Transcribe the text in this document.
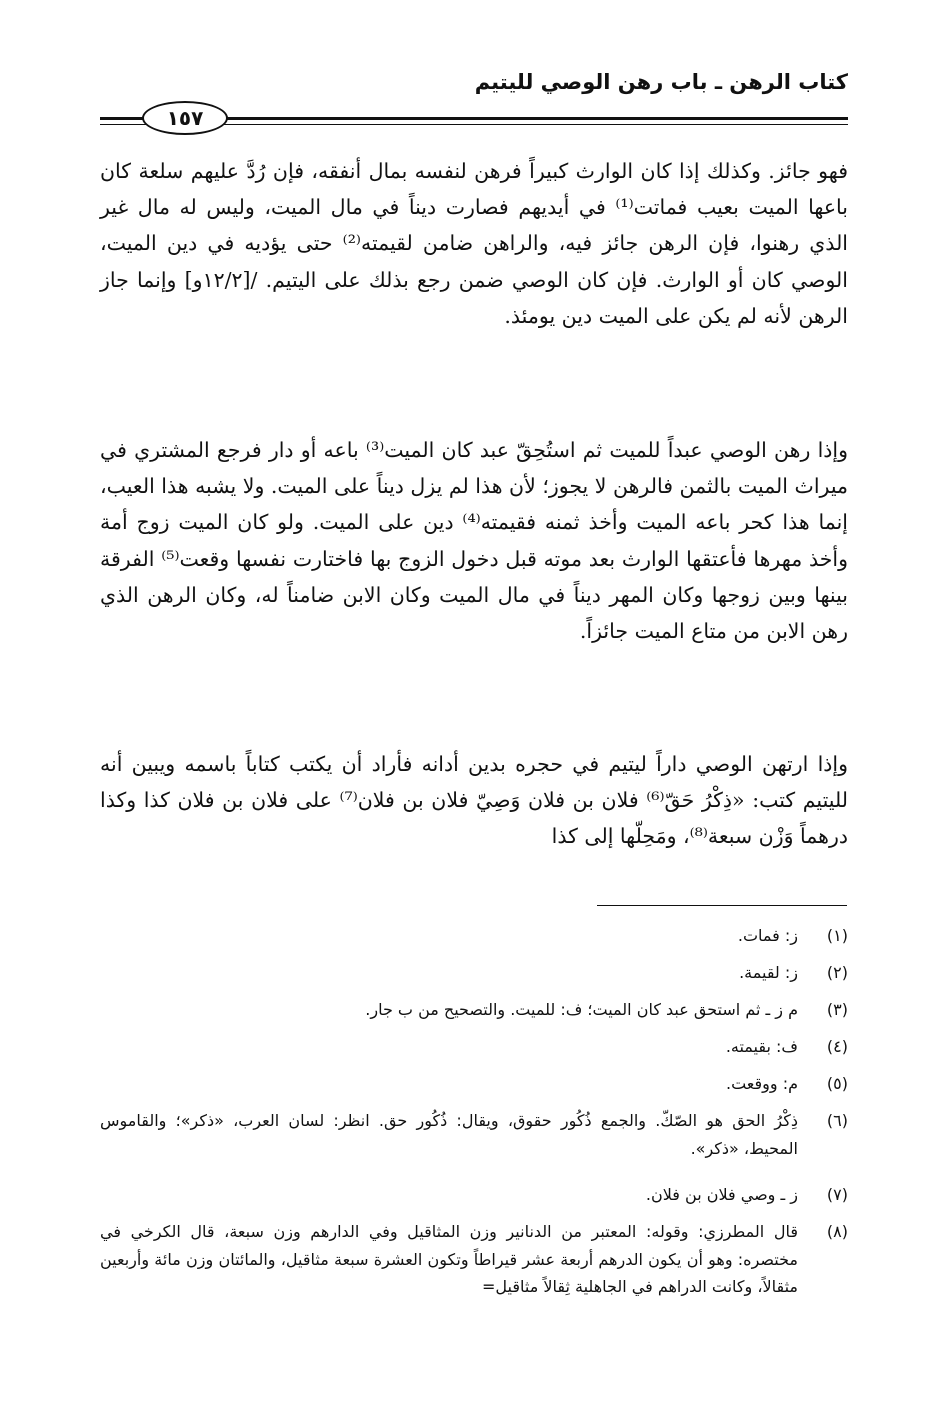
كتاب الرهن ـ باب رهن الوصي لليتيم
١٥٧

فهو جائز. وكذلك إذا كان الوارث كبيراً فرهن لنفسه بمال أنفقه، فإن رُدَّ عليهم سلعة كان باعها الميت بعيب فماتت⁽¹⁾ في أيديهم فصارت ديناً في مال الميت، وليس له مال غير الذي رهنوا، فإن الرهن جائز فيه، والراهن ضامن لقيمته⁽²⁾ حتى يؤديه في دين الميت، الوصي كان أو الوارث. فإن كان الوصي ضمن رجع بذلك على اليتيم. /[١٢/٢و] وإنما جاز الرهن لأنه لم يكن على الميت دين يومئذ.

وإذا رهن الوصي عبداً للميت ثم استُحِقّ عبد كان الميت⁽³⁾ باعه أو دار فرجع المشتري في ميراث الميت بالثمن فالرهن لا يجوز؛ لأن هذا لم يزل ديناً على الميت. ولا يشبه هذا العيب، إنما هذا كحر باعه الميت وأخذ ثمنه فقيمته⁽⁴⁾ دين على الميت. ولو كان الميت زوج أمة وأخذ مهرها فأعتقها الوارث بعد موته قبل دخول الزوج بها فاختارت نفسها وقعت⁽⁵⁾ الفرقة بينها وبين زوجها وكان المهر ديناً في مال الميت وكان الابن ضامناً له، وكان الرهن الذي رهن الابن من متاع الميت جائزاً.

وإذا ارتهن الوصي داراً ليتيم في حجره بدين أدانه فأراد أن يكتب كتاباً باسمه ويبين أنه لليتيم كتب: «ذِكْرُ حَقّ⁽⁶⁾ فلان بن فلان وَصِيّ فلان بن فلان⁽⁷⁾ على فلان بن فلان كذا وكذا درهماً وَزْن سبعة⁽⁸⁾، ومَحِلّها إلى كذا

(١)
ز: فمات.
(٢)
ز: لقيمة.
(٣)
م ز ـ ثم استحق عبد كان الميت؛ ف: للميت. والتصحيح من ب جار.
(٤)
ف: بقيمته.
(٥)
م: ووقعت.
(٦)
ذِكْرُ الحق هو الصّكّ. والجمع ذُكُور حقوق، ويقال: ذُكُور حق. انظر: لسان العرب، «ذكر»؛ والقاموس المحيط، «ذكر».
(٧)
ز ـ وصي فلان بن فلان.
(٨)
قال المطرزي: وقوله: المعتبر من الدنانير وزن المثاقيل وفي الدارهم وزن سبعة، قال الكرخي في مختصره: وهو أن يكون الدرهم أربعة عشر قيراطاً وتكون العشرة سبعة مثاقيل، والمائتان وزن مائة وأربعين مثقالاً، وكانت الدراهم في الجاهلية ثِقالاً مثاقيل=
